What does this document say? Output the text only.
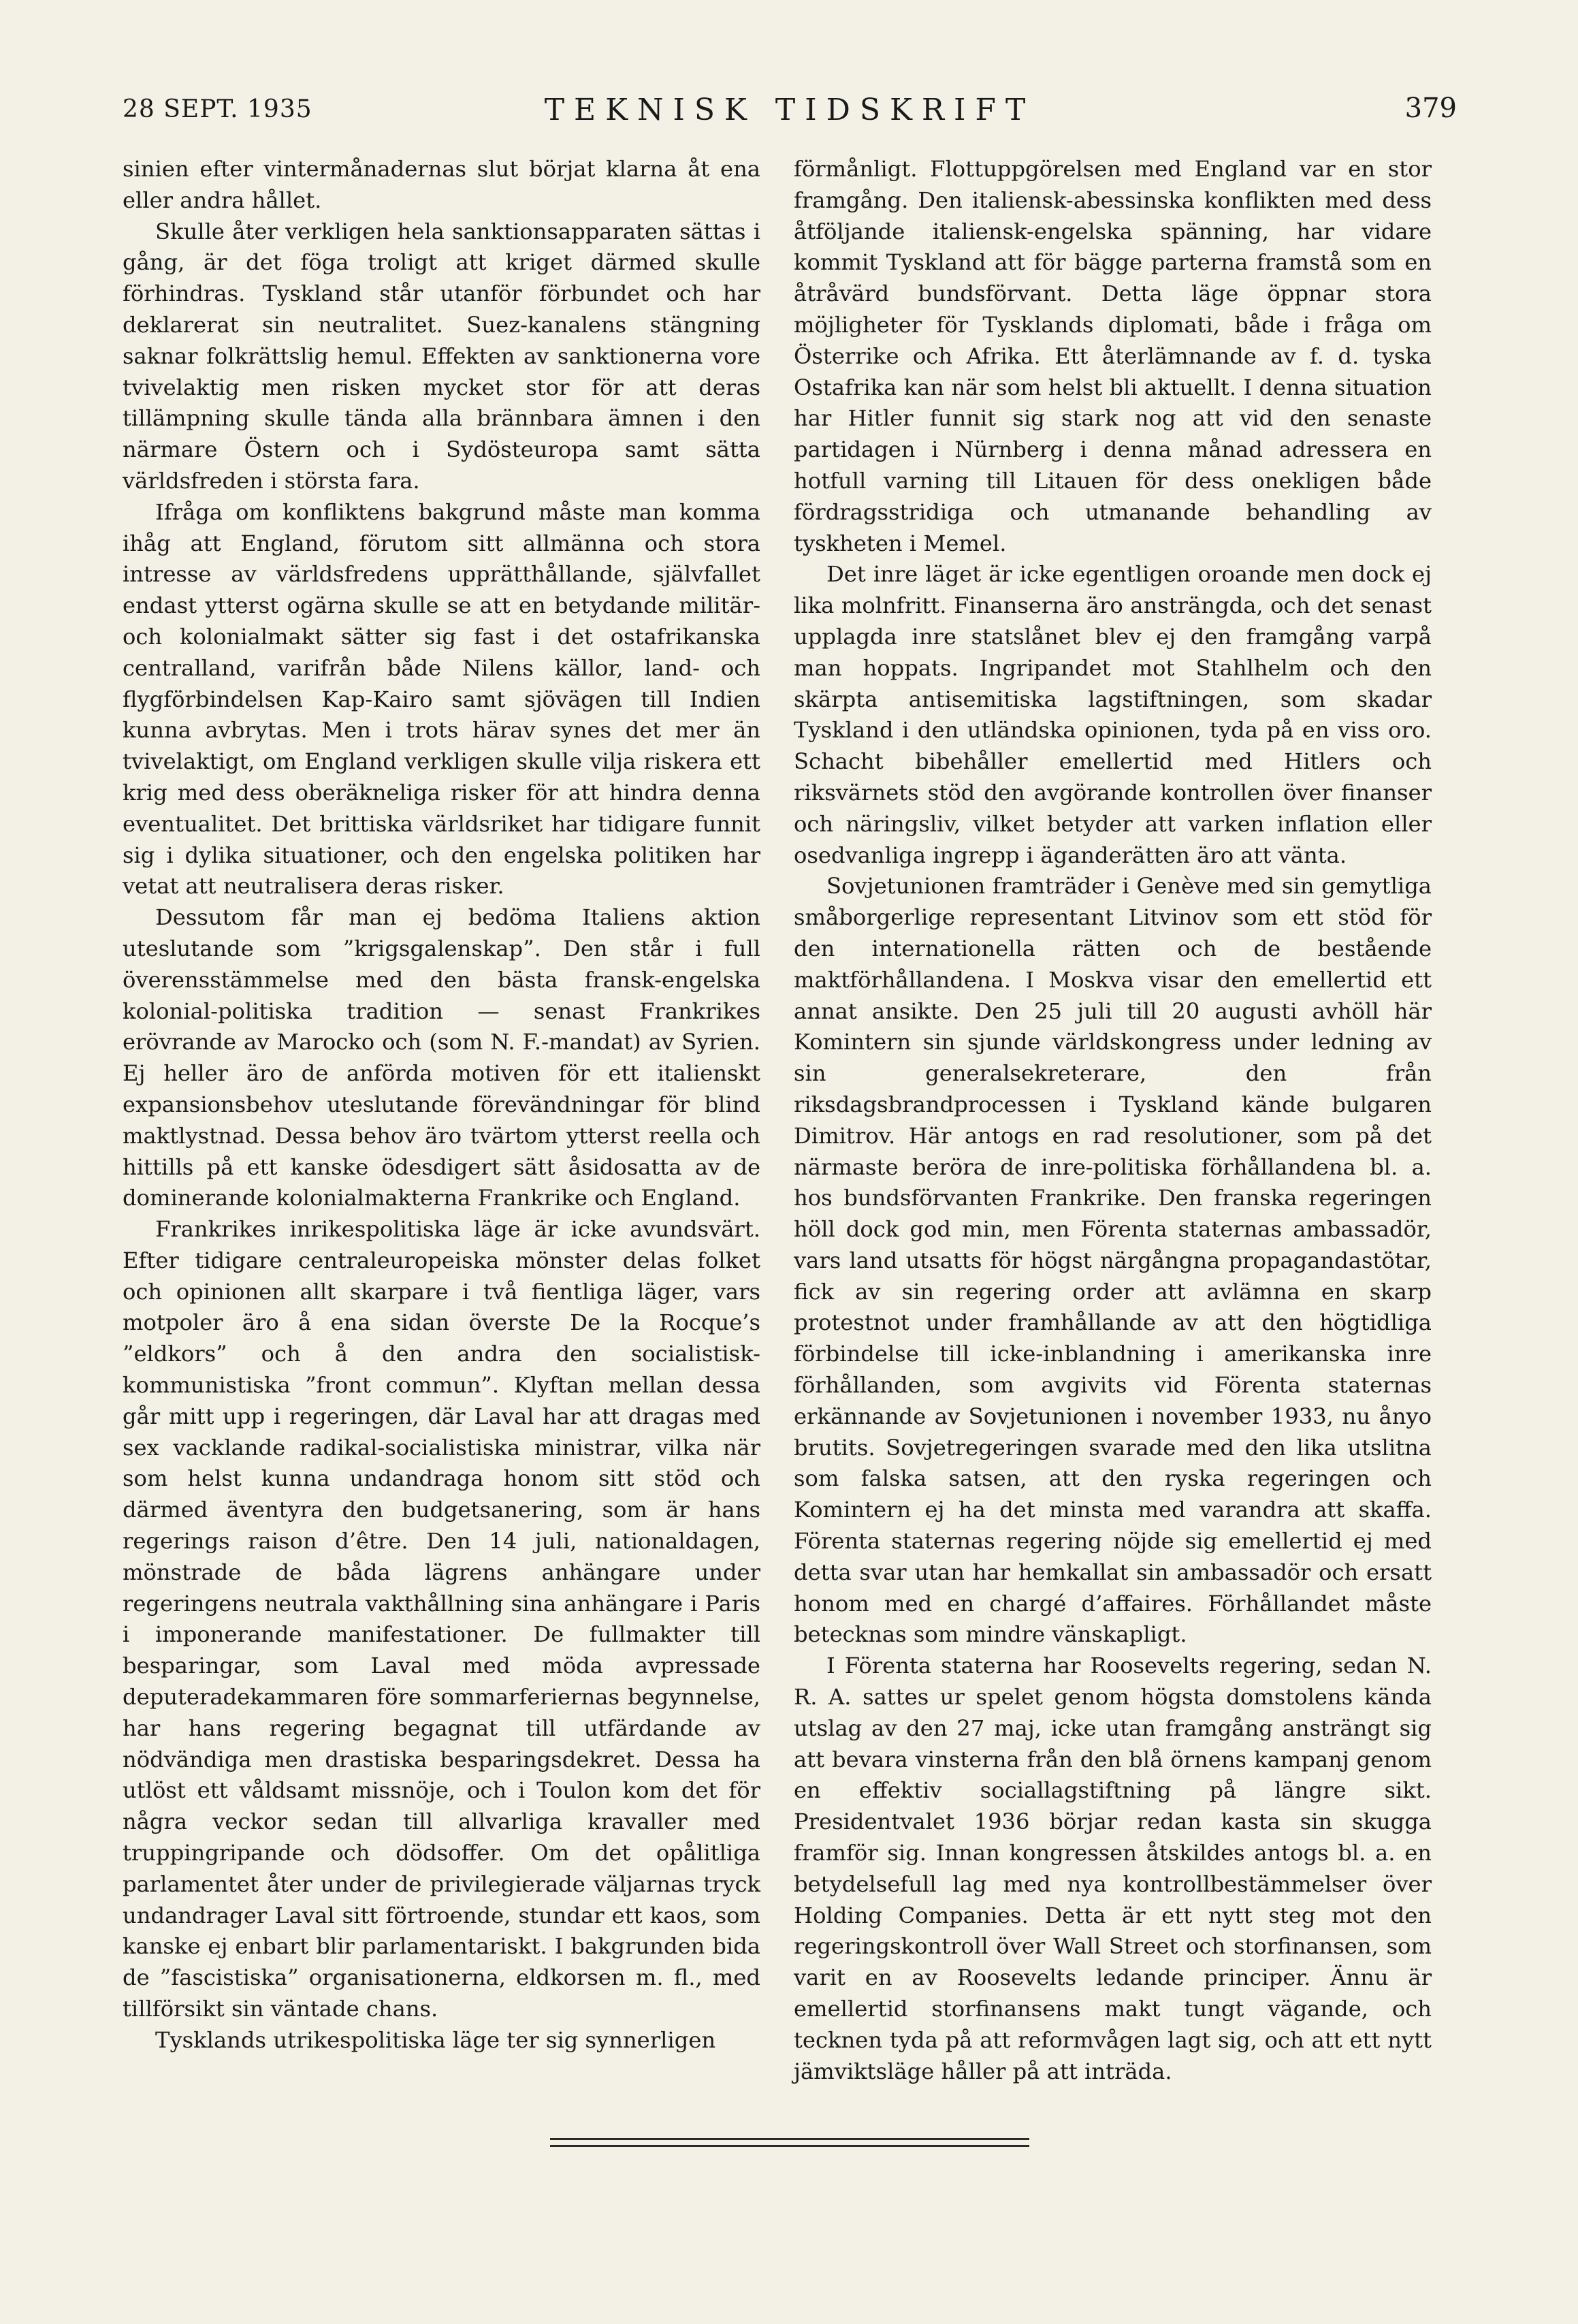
28 SEPT. 1935	TEKNISK TIDSKRIFT	379

sinien efter vintermånadernas slut börjat klarna åt ena eller andra hållet.

Skulle åter verkligen hela sanktionsapparaten sättas i gång, är det föga troligt att kriget därmed skulle förhindras. Tyskland står utanför förbundet och har deklarerat sin neutralitet. Suez-kanalens stängning saknar folkrättslig hemul. Effekten av sanktionerna vore tvivelaktig men risken mycket stor för att deras tillämpning skulle tända alla brännbara ämnen i den närmare Östern och i Sydösteuropa samt sätta världsfreden i största fara.

Ifråga om konfliktens bakgrund måste man komma ihåg att England, förutom sitt allmänna och stora intresse av världsfredens upprätthållande, självfallet endast ytterst ogärna skulle se att en betydande militär- och kolonialmakt sätter sig fast i det ostafrikanska centralland, varifrån både Nilens källor, land- och flygförbindelsen Kap-Kairo samt sjövägen till Indien kunna avbrytas. Men i trots härav synes det mer än tvivelaktigt, om England verkligen skulle vilja riskera ett krig med dess oberäkneliga risker för att hindra denna eventualitet. Det brittiska världsriket har tidigare funnit sig i dylika situationer, och den engelska politiken har vetat att neutralisera deras risker.

Dessutom får man ej bedöma Italiens aktion uteslutande som ”krigsgalenskap”. Den står i full överensstämmelse med den bästa fransk-engelska kolonial-politiska tradition — senast Frankrikes erövrande av Marocko och (som N. F.-mandat) av Syrien. Ej heller äro de anförda motiven för ett italienskt expansionsbehov uteslutande förevändningar för blind maktlystnad. Dessa behov äro tvärtom ytterst reella och hittills på ett kanske ödesdigert sätt åsidosatta av de dominerande kolonialmakterna Frankrike och England.

Frankrikes inrikespolitiska läge är icke avundsvärt. Efter tidigare centraleuropeiska mönster delas folket och opinionen allt skarpare i två fientliga läger, vars motpoler äro å ena sidan överste De la Rocque’s ”eldkors” och å den andra den socialistisk-kommunistiska ”front commun”. Klyftan mellan dessa går mitt upp i regeringen, där Laval har att dragas med sex vacklande radikal-socialistiska ministrar, vilka när som helst kunna undandraga honom sitt stöd och därmed äventyra den budgetsanering, som är hans regerings raison d’être. Den 14 juli, nationaldagen, mönstrade de båda lägrens anhängare under regeringens neutrala vakthållning sina anhängare i Paris i imponerande manifestationer. De fullmakter till besparingar, som Laval med möda avpressade deputeradekammaren före sommarferiernas begynnelse, har hans regering begagnat till utfärdande av nödvändiga men drastiska besparingsdekret. Dessa ha utlöst ett våldsamt missnöje, och i Toulon kom det för några veckor sedan till allvarliga kravaller med truppingripande och dödsoffer. Om det opålitliga parlamentet åter under de privilegierade väljarnas tryck undandrager Laval sitt förtroende, stundar ett kaos, som kanske ej enbart blir parlamentariskt. I bakgrunden bida de ”fascistiska” organisationerna, eldkorsen m. fl., med tillförsikt sin väntade chans.

Tysklands utrikespolitiska läge ter sig synnerligen

förmånligt. Flottuppgörelsen med England var en stor framgång. Den italiensk-abessinska konflikten med dess åtföljande italiensk-engelska spänning, har vidare kommit Tyskland att för bägge parterna framstå som en åtråvärd bundsförvant. Detta läge öppnar stora möjligheter för Tysklands diplomati, både i fråga om Österrike och Afrika. Ett återlämnande av f. d. tyska Ostafrika kan när som helst bli aktuellt. I denna situation har Hitler funnit sig stark nog att vid den senaste partidagen i Nürnberg i denna månad adressera en hotfull varning till Litauen för dess onekligen både fördragsstridiga och utmanande behandling av tyskheten i Memel.

Det inre läget är icke egentligen oroande men dock ej lika molnfritt. Finanserna äro ansträngda, och det senast upplagda inre statslånet blev ej den framgång varpå man hoppats. Ingripandet mot Stahlhelm och den skärpta antisemitiska lagstiftningen, som skadar Tyskland i den utländska opinionen, tyda på en viss oro. Schacht bibehåller emellertid med Hitlers och riksvärnets stöd den avgörande kontrollen över finanser och näringsliv, vilket betyder att varken inflation eller osedvanliga ingrepp i äganderätten äro att vänta.

Sovjetunionen framträder i Genève med sin gemytliga småborgerlige representant Litvinov som ett stöd för den internationella rätten och de bestående maktförhållandena. I Moskva visar den emellertid ett annat ansikte. Den 25 juli till 20 augusti avhöll här Komintern sin sjunde världskongress under ledning av sin generalsekreterare, den från riksdagsbrandprocessen i Tyskland kände bulgaren Dimitrov. Här antogs en rad resolutioner, som på det närmaste beröra de inre-politiska förhållandena bl. a. hos bundsförvanten Frankrike. Den franska regeringen höll dock god min, men Förenta staternas ambassadör, vars land utsatts för högst närgångna propagandastötar, fick av sin regering order att avlämna en skarp protestnot under framhållande av att den högtidliga förbindelse till icke-inblandning i amerikanska inre förhållanden, som avgivits vid Förenta staternas erkännande av Sovjetunionen i november 1933, nu ånyo brutits. Sovjetregeringen svarade med den lika utslitna som falska satsen, att den ryska regeringen och Komintern ej ha det minsta med varandra att skaffa. Förenta staternas regering nöjde sig emellertid ej med detta svar utan har hemkallat sin ambassadör och ersatt honom med en chargé d’affaires. Förhållandet måste betecknas som mindre vänskapligt.

I Förenta staterna har Roosevelts regering, sedan N. R. A. sattes ur spelet genom högsta domstolens kända utslag av den 27 maj, icke utan framgång ansträngt sig att bevara vinsterna från den blå örnens kampanj genom en effektiv sociallagstiftning på längre sikt. Presidentvalet 1936 börjar redan kasta sin skugga framför sig. Innan kongressen åtskildes antogs bl. a. en betydelsefull lag med nya kontrollbestämmelser över Holding Companies. Detta är ett nytt steg mot den regeringskontroll över Wall Street och storfinansen, som varit en av Roosevelts ledande principer. Ännu är emellertid storfinansens makt tungt vägande, och tecknen tyda på att reformvågen lagt sig, och att ett nytt jämviktsläge håller på att inträda.
